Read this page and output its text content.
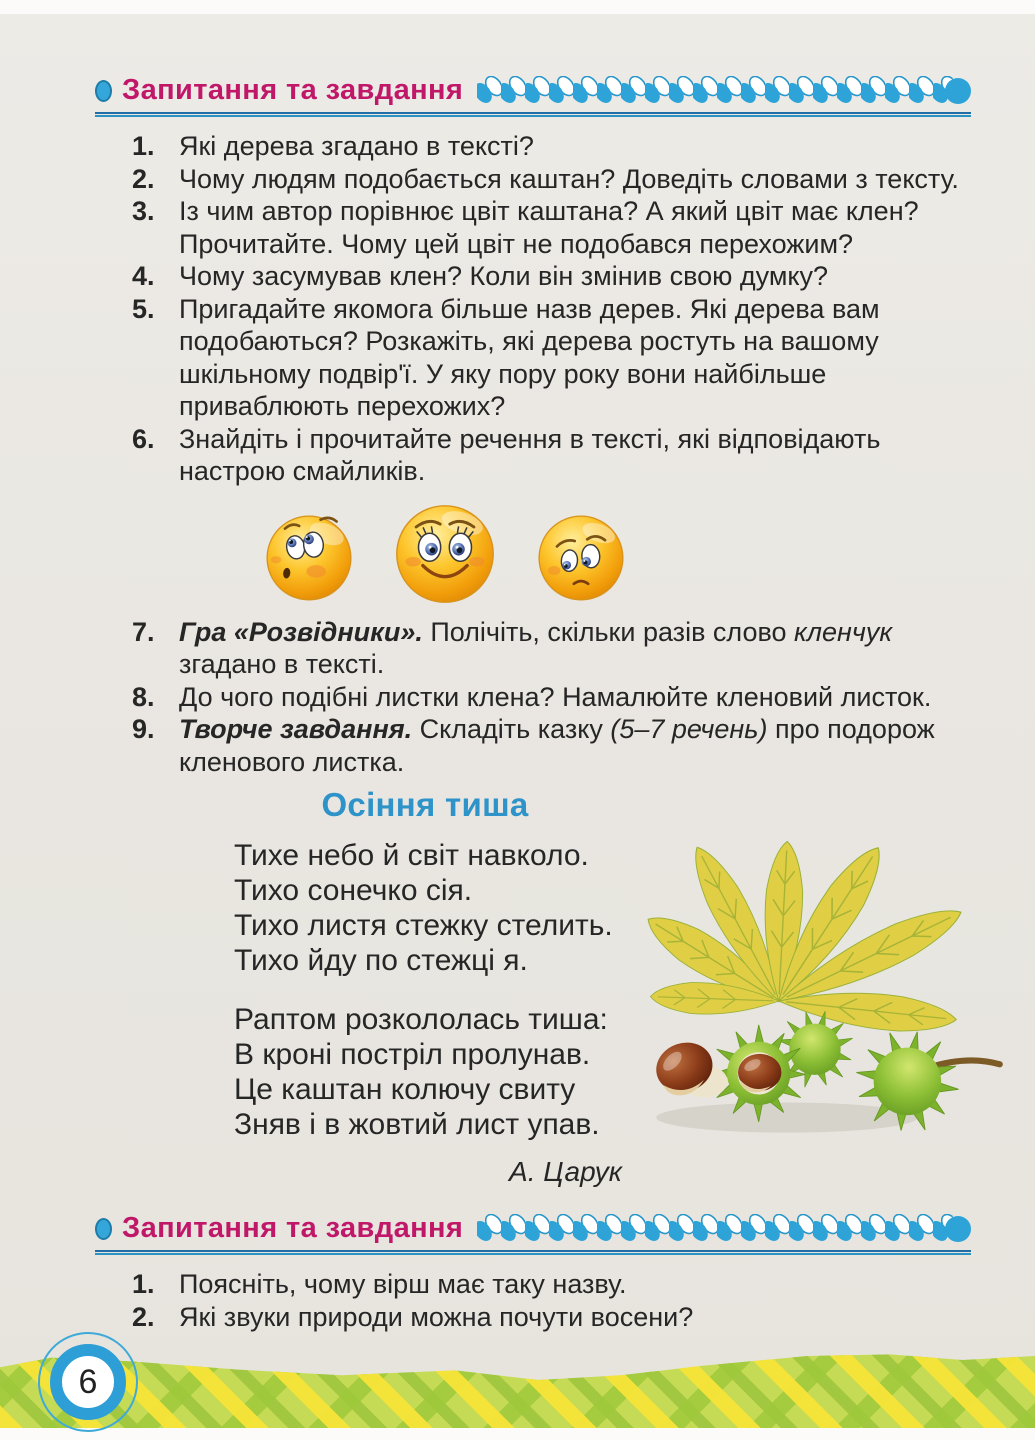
Запитання та завдання
1. Які дерева згадано в тексті?
2. Чому людям подобається каштан? Доведіть словами з тексту.
3. Із чим автор порівнює цвіт каштана? А який цвіт має клен? Прочитайте. Чому цей цвіт не подобався перехожим?
4. Чому засумував клен? Коли він змінив свою думку?
5. Пригадайте якомога більше назв дерев. Які дерева вам подобаються? Розкажіть, які дерева ростуть на вашому шкільному подвір'ї. У яку пору року вони найбільше приваблюють перехожих?
6. Знайдіть і прочитайте речення в тексті, які відповідають настрою смайликів.
7. Гра «Розвідники». Полічіть, скільки разів слово кленчук згадано в тексті.
8. До чого подібні листки клена? Намалюйте кленовий листок.
9. Творче завдання. Складіть казку (5–7 речень) про подорож кленового листка.
Осіння тиша
Тихе небо й світ навколо.
Тихо сонечко сія.
Тихо листя стежку стелить.
Тихо йду по стежці я.
Раптом розкололась тиша:
В кроні постріл пролунав.
Це каштан колючу свиту
Зняв і в жовтий лист упав.
А. Царук
Запитання та завдання
1. Поясніть, чому вірш має таку назву.
2. Які звуки природи можна почути восени?
6
